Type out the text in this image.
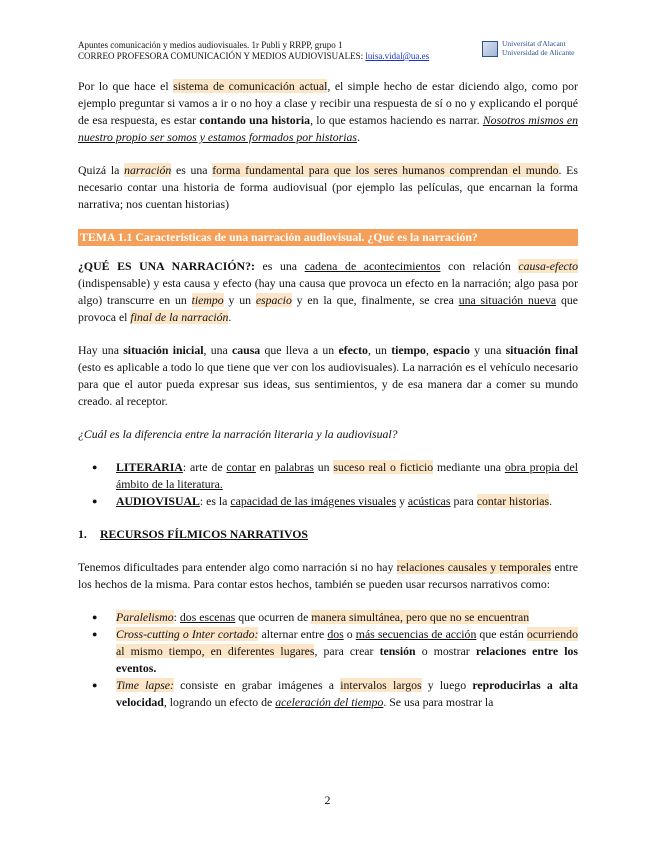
Apuntes comunicación y medios audiovisuales. 1r Publi y RRPP, grupo 1
CORREO PROFESORA COMUNICACIÓN Y MEDIOS AUDIOVISUALES: luisa.vidal@ua.es
Universitat d'Alacant
Universidad de Alicante

Por lo que hace el sistema de comunicación actual, el simple hecho de estar diciendo algo, como por ejemplo preguntar si vamos a ir o no hoy a clase y recibir una respuesta de sí o no y explicando el porqué de esa respuesta, es estar contando una historia, lo que estamos haciendo es narrar. Nosotros mismos en nuestro propio ser somos y estamos formados por historias.

Quizá la narración es una forma fundamental para que los seres humanos comprendan el mundo. Es necesario contar una historia de forma audiovisual (por ejemplo las películas, que encarnan la forma narrativa; nos cuentan historias)

TEMA 1.1 Características de una narración audiovisual. ¿Qué es la narración?

¿QUÉ ES UNA NARRACIÓN?: es una cadena de acontecimientos con relación causa-efecto (indispensable) y esta causa y efecto (hay una causa que provoca un efecto en la narración; algo pasa por algo) transcurre en un tiempo y un espacio y en la que, finalmente, se crea una situación nueva que provoca el final de la narración.

Hay una situación inicial, una causa que lleva a un efecto, un tiempo, espacio y una situación final (esto es aplicable a todo lo que tiene que ver con los audiovisuales). La narración es el vehículo necesario para que el autor pueda expresar sus ideas, sus sentimientos, y de esa manera dar a comer su mundo creado. al receptor.

¿Cuál es la diferencia entre la narración literaria y la audiovisual?

● LITERARIA: arte de contar en palabras un suceso real o ficticio mediante una obra propia del ámbito de la literatura.
● AUDIOVISUAL: es la capacidad de las imágenes visuales y acústicas para contar historias.

1. RECURSOS FÍLMICOS NARRATIVOS

Tenemos dificultades para entender algo como narración si no hay relaciones causales y temporales entre los hechos de la misma. Para contar estos hechos, también se pueden usar recursos narrativos como:

● Paralelismo: dos escenas que ocurren de manera simultánea, pero que no se encuentran
● Cross-cutting o Inter cortado: alternar entre dos o más secuencias de acción que están ocurriendo al mismo tiempo, en diferentes lugares, para crear tensión o mostrar relaciones entre los eventos.
● Time lapse: consiste en grabar imágenes a intervalos largos y luego reproducirlas a alta velocidad, logrando un efecto de aceleración del tiempo. Se usa para mostrar la
2
